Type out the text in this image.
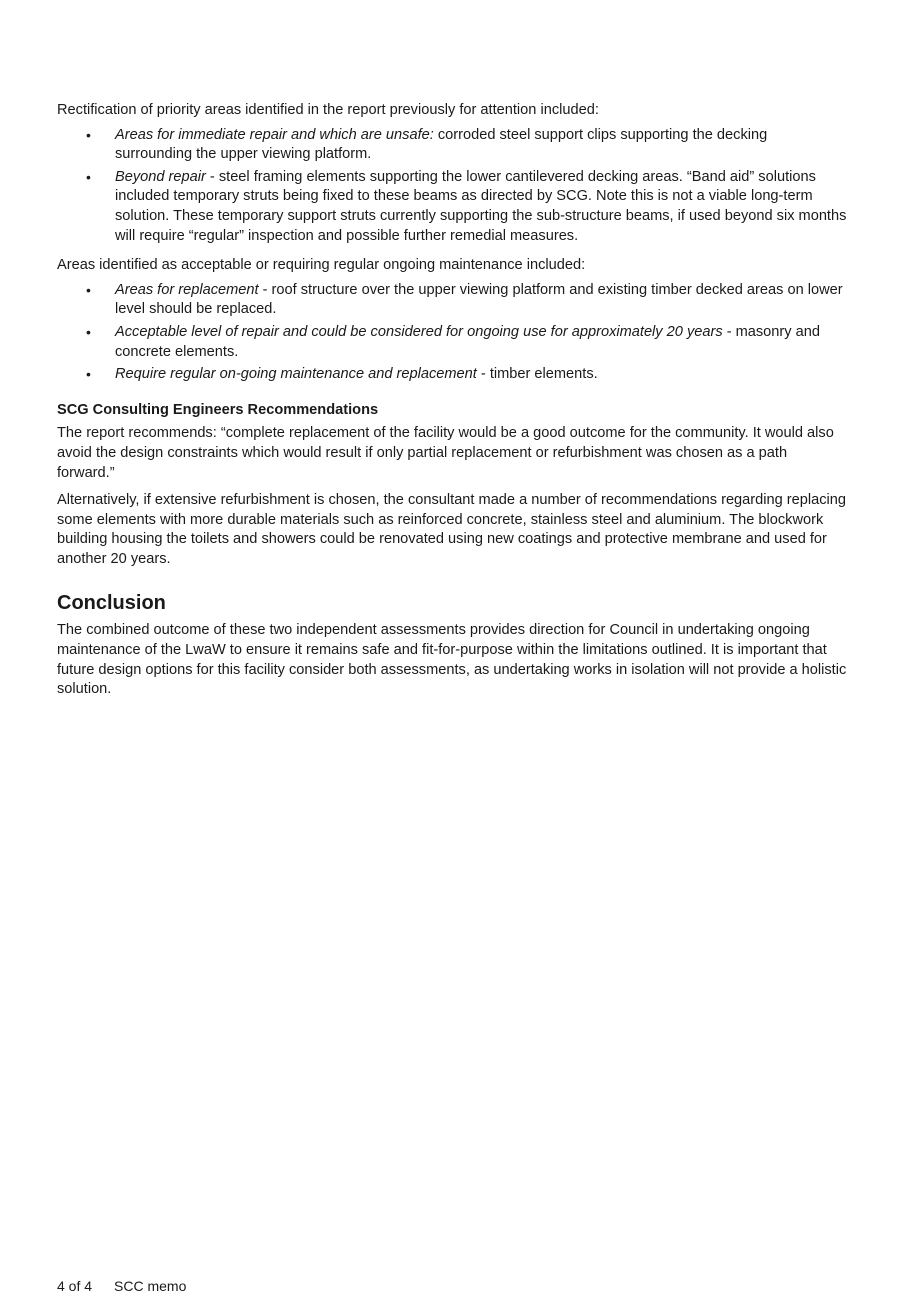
Rectification of priority areas identified in the report previously for attention included:

• Areas for immediate repair and which are unsafe: corroded steel support clips supporting the decking surrounding the upper viewing platform.
• Beyond repair - steel framing elements supporting the lower cantilevered decking areas. “Band aid” solutions included temporary struts being fixed to these beams as directed by SCG. Note this is not a viable long-term solution. These temporary support struts currently supporting the sub-structure beams, if used beyond six months will require “regular” inspection and possible further remedial measures.

Areas identified as acceptable or requiring regular ongoing maintenance included:

• Areas for replacement - roof structure over the upper viewing platform and existing timber decked areas on lower level should be replaced.
• Acceptable level of repair and could be considered for ongoing use for approximately 20 years - masonry and concrete elements.
• Require regular on-going maintenance and replacement - timber elements.
SCG Consulting Engineers Recommendations

The report recommends: “complete replacement of the facility would be a good outcome for the community. It would also avoid the design constraints which would result if only partial replacement or refurbishment was chosen as a path forward.”

Alternatively, if extensive refurbishment is chosen, the consultant made a number of recommendations regarding replacing some elements with more durable materials such as reinforced concrete, stainless steel and aluminium. The blockwork building housing the toilets and showers could be renovated using new coatings and protective membrane and used for another 20 years.

Conclusion

The combined outcome of these two independent assessments provides direction for Council in undertaking ongoing maintenance of the LwaW to ensure it remains safe and fit-for-purpose within the limitations outlined. It is important that future design options for this facility consider both assessments, as undertaking works in isolation will not provide a holistic solution.

4 of 4 SCC memo
